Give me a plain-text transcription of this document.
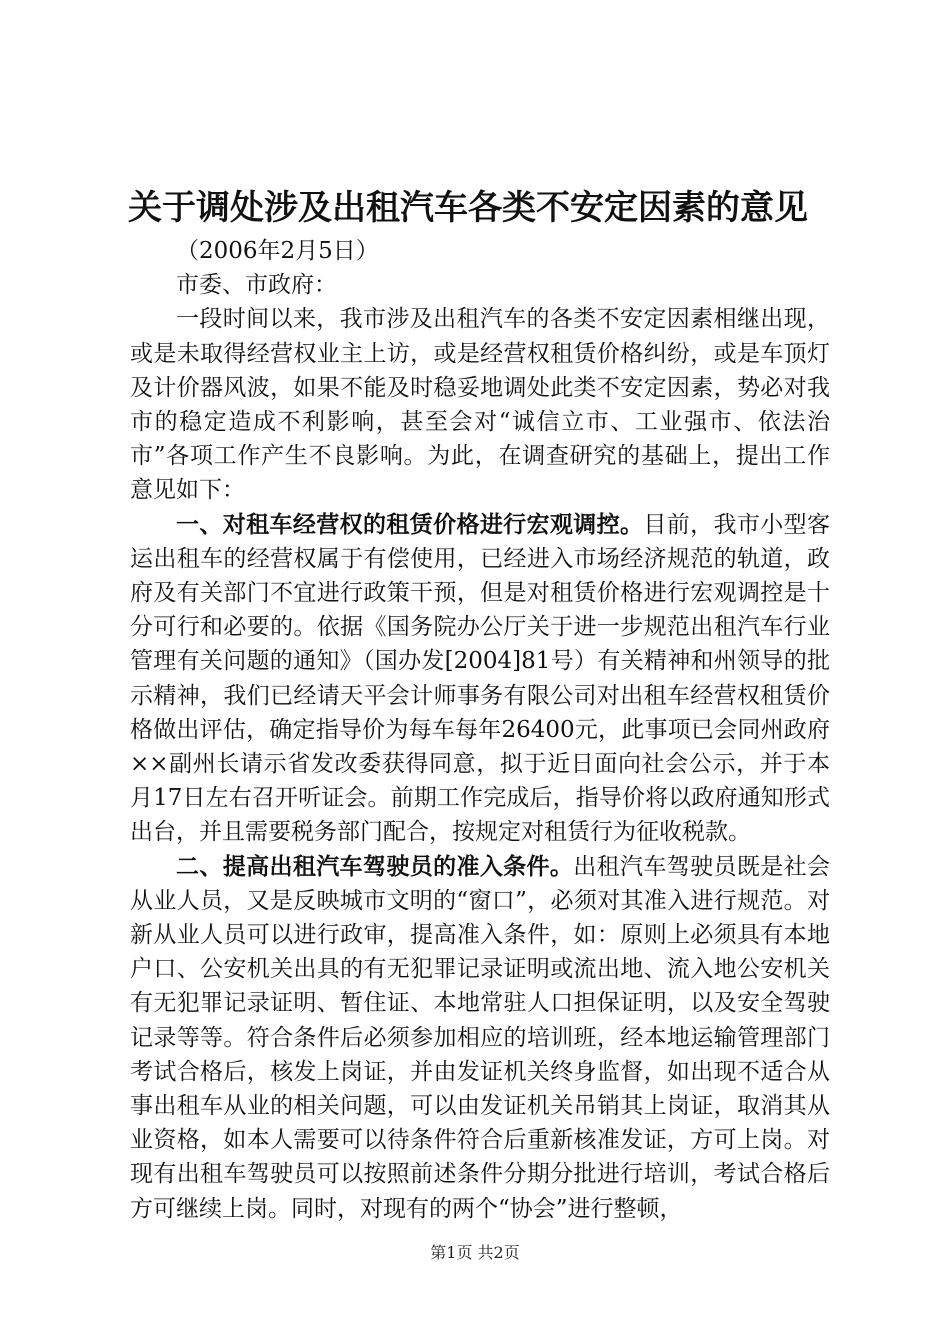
关于调处涉及出租汽车各类不安定因素的意见

（2006年2月5日）

市委、市政府：

一段时间以来，我市涉及出租汽车的各类不安定因素相继出现，或是未取得经营权业主上访，或是经营权租赁价格纠纷，或是车顶灯及计价器风波，如果不能及时稳妥地调处此类不安定因素，势必对我市的稳定造成不利影响，甚至会对“诚信立市、工业强市、依法治市”各项工作产生不良影响。为此，在调查研究的基础上，提出工作意见如下：

一、对租车经营权的租赁价格进行宏观调控。目前，我市小型客运出租车的经营权属于有偿使用，已经进入市场经济规范的轨道，政府及有关部门不宜进行政策干预，但是对租赁价格进行宏观调控是十分可行和必要的。依据《国务院办公厅关于进一步规范出租汽车行业管理有关问题的通知》（国办发[2004]81号）有关精神和州领导的批示精神，我们已经请天平会计师事务有限公司对出租车经营权租赁价格做出评估，确定指导价为每车每年26400元，此事项已会同州政府××副州长请示省发改委获得同意，拟于近日面向社会公示，并于本月17日左右召开听证会。前期工作完成后，指导价将以政府通知形式出台，并且需要税务部门配合，按规定对租赁行为征收税款。

二、提高出租汽车驾驶员的准入条件。出租汽车驾驶员既是社会从业人员，又是反映城市文明的“窗口”，必须对其准入进行规范。对新从业人员可以进行政审，提高准入条件，如：原则上必须具有本地户口、公安机关出具的有无犯罪记录证明或流出地、流入地公安机关有无犯罪记录证明、暂住证、本地常驻人口担保证明，以及安全驾驶记录等等。符合条件后必须参加相应的培训班，经本地运输管理部门考试合格后，核发上岗证，并由发证机关终身监督，如出现不适合从事出租车从业的相关问题，可以由发证机关吊销其上岗证，取消其从业资格，如本人需要可以待条件符合后重新核准发证，方可上岗。对现有出租车驾驶员可以按照前述条件分期分批进行培训，考试合格后方可继续上岗。同时，对现有的两个“协会”进行整顿，

第1页 共2页
